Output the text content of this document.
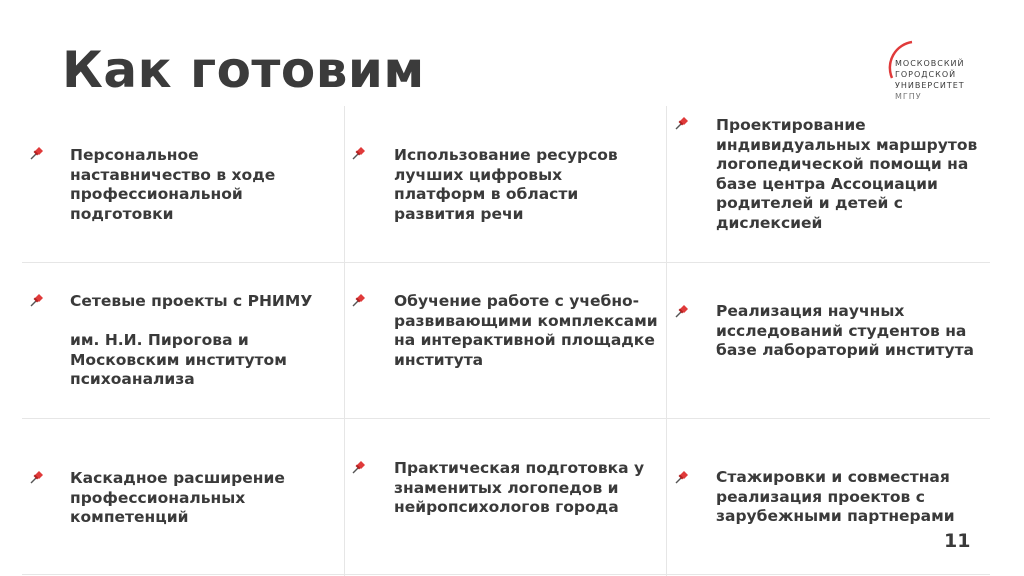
Как готовим	МОСКОВСКИЙ
ГОРОДСКОЙ
УНИВЕРСИТЕТ
МГПУ
Персональное наставничество в ходе профессиональной подготовки
Использование ресурсов лучших цифровых платформ в области развития речи
Проектирование индивидуальных маршрутов логопедической помощи на базе центра Ассоциации родителей и детей с дислексией
Сетевые проекты с РНИМУ

им. Н.И. Пирогова и Московским институтом психоанализа
Обучение работе с учебно-развивающими комплексами на интерактивной площадке института
Реализация научных исследований студентов на базе лабораторий института
Каскадное расширение профессиональных компетенций
Практическая подготовка у знаменитых логопедов и нейропсихологов города
Стажировки и совместная реализация проектов с зарубежными партнерами
11
